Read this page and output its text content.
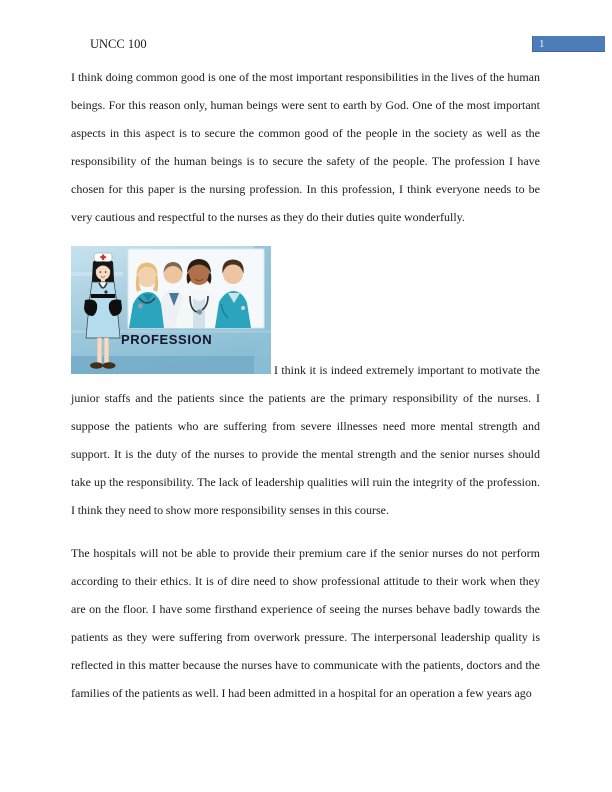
UNCC 100	1

I think doing common good is one of the most important responsibilities in the lives of the human beings. For this reason only, human beings were sent to earth by God. One of the most important aspects in this aspect is to secure the common good of the people in the society as well as the responsibility of the human beings is to secure the safety of the people. The profession I have chosen for this paper is the nursing profession. In this profession, I think everyone needs to be very cautious and respectful to the nurses as they do their duties quite wonderfully.

PROFESSION
I think it is indeed extremely important to motivate the junior staffs and the patients since the patients are the primary responsibility of the nurses. I suppose the patients who are suffering from severe illnesses need more mental strength and support. It is the duty of the nurses to provide the mental strength and the senior nurses should take up the responsibility. The lack of leadership qualities will ruin the integrity of the profession. I think they need to show more responsibility senses in this course.

The hospitals will not be able to provide their premium care if the senior nurses do not perform according to their ethics. It is of dire need to show professional attitude to their work when they are on the floor. I have some firsthand experience of seeing the nurses behave badly towards the patients as they were suffering from overwork pressure. The interpersonal leadership quality is reflected in this matter because the nurses have to communicate with the patients, doctors and the families of the patients as well. I had been admitted in a hospital for an operation a few years ago
